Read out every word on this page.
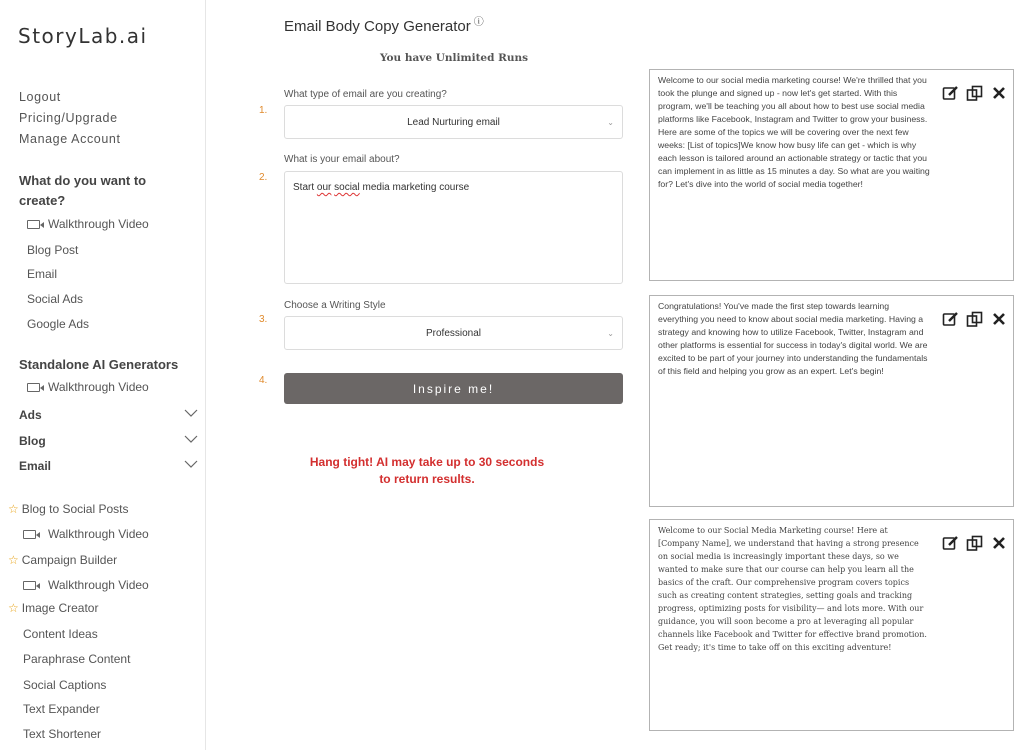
StoryLab.ai
Logout
Pricing/Upgrade
Manage Account
What do you want to
create?
Walkthrough Video
Blog Post
Email
Social Ads
Google Ads
Standalone AI Generators
Walkthrough Video
Ads
Blog
Email
☆ Blog to Social Posts
Walkthrough Video
☆ Campaign Builder
Walkthrough Video
☆ Image Creator
Content Ideas
Paraphrase Content
Social Captions
Text Expander
Text Shortener
Email Body Copy Generator ⓘ
You have Unlimited Runs
1.
What type of email are you creating?
Lead Nurturing email	⌄
2.
What is your email about?
Start our social media marketing course
3.
Choose a Writing Style
Professional	⌄
4.
Inspire me!
Hang tight! AI may take up to 30 seconds
to return results.
Welcome to our social media marketing course! We're thrilled that you took the plunge and signed up - now let's get started. With this program, we'll be teaching you all about how to best use social media platforms like Facebook, Instagram and Twitter to grow your business. Here are some of the topics we will be covering over the next few weeks: [List of topics]We know how busy life can get - which is why each lesson is tailored around an actionable strategy or tactic that you can implement in as little as 15 minutes a day. So what are you waiting for? Let's dive into the world of social media together!
Congratulations! You've made the first step towards learning everything you need to know about social media marketing. Having a strategy and knowing how to utilize Facebook, Twitter, Instagram and other platforms is essential for success in today's digital world. We are excited to be part of your journey into understanding the fundamentals of this field and helping you grow as an expert. Let's begin!
Welcome to our Social Media Marketing course! Here at [Company Name], we understand that having a strong presence on social media is increasingly important these days, so we wanted to make sure that our course can help you learn all the basics of the craft. Our comprehensive program covers topics such as creating content strategies, setting goals and tracking progress, optimizing posts for visibility— and lots more. With our guidance, you will soon become a pro at leveraging all popular channels like Facebook and Twitter for effective brand promotion. Get ready; it's time to take off on this exciting adventure!
